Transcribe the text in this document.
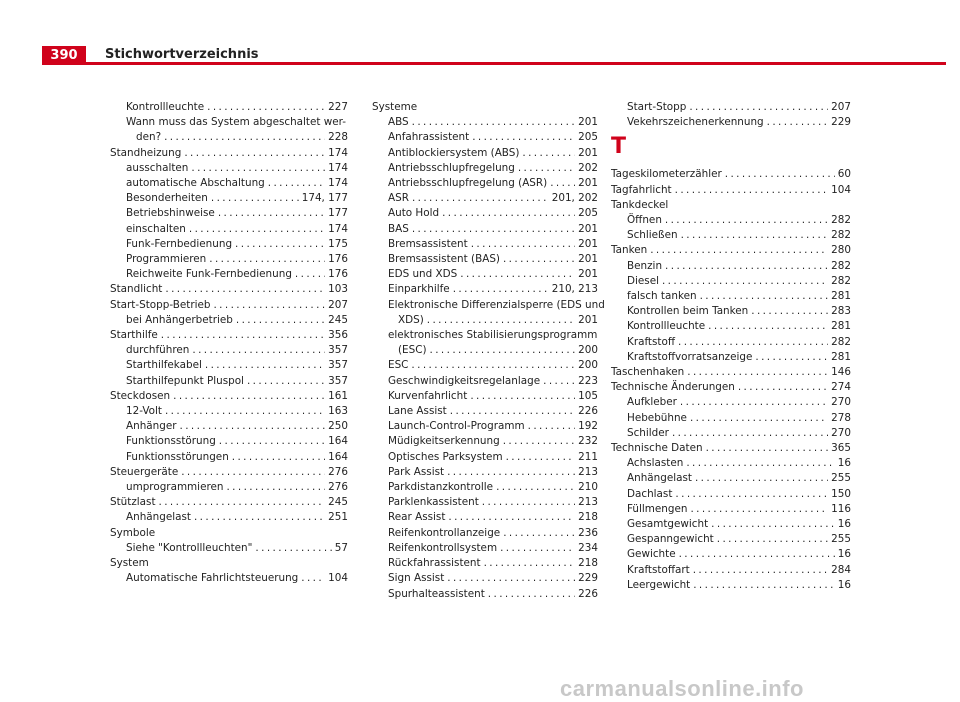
390	Stichwortverzeichnis
Kontrollleuchte .....	227
Wann muss das System abgeschaltet wer-
den? .....	228
Standheizung .....	174
ausschalten .....	174
automatische Abschaltung .....	174
Besonderheiten .....	174, 177
Betriebshinweise .....	177
einschalten .....	174
Funk-Fernbedienung .....	175
Programmieren .....	176
Reichweite Funk-Fernbedienung .....	176
Standlicht .....	103
Start-Stopp-Betrieb .....	207
bei Anhängerbetrieb .....	245
Starthilfe .....	356
durchführen .....	357
Starthilfekabel .....	357
Starthilfepunkt Pluspol .....	357
Steckdosen .....	161
12-Volt .....	163
Anhänger .....	250
Funktionsstörung .....	164
Funktionsstörungen .....	164
Steuergeräte .....	276
umprogrammieren .....	276
Stützlast .....	245
Anhängelast .....	251
Symbole
Siehe "Kontrollleuchten" .....	57
System
Automatische Fahrlichtsteuerung .....	104
Systeme
ABS .....	201
Anfahrassistent .....	205
Antiblockiersystem (ABS) .....	201
Antriebsschlupfregelung .....	202
Antriebsschlupfregelung (ASR) .....	201
ASR .....	201, 202
Auto Hold .....	205
BAS .....	201
Bremsassistent .....	201
Bremsassistent (BAS) .....	201
EDS und XDS .....	201
Einparkhilfe .....	210, 213
Elektronische Differenzialsperre (EDS und
XDS) .....	201
elektronisches Stabilisierungsprogramm
(ESC) .....	200
ESC .....	200
Geschwindigkeitsregelanlage .....	223
Kurvenfahrlicht .....	105
Lane Assist .....	226
Launch-Control-Programm .....	192
Müdigkeitserkennung .....	232
Optisches Parksystem .....	211
Park Assist .....	213
Parkdistanzkontrolle .....	210
Parklenkassistent .....	213
Rear Assist .....	218
Reifenkontrollanzeige .....	236
Reifenkontrollsystem .....	234
Rückfahrassistent .....	218
Sign Assist .....	229
Spurhalteassistent .....	226
Start-Stopp .....	207
Vekehrszeichenerkennung .....	229
T
Tageskilometerzähler .....	60
Tagfahrlicht .....	104
Tankdeckel
Öffnen .....	282
Schließen .....	282
Tanken .....	280
Benzin .....	282
Diesel .....	282
falsch tanken .....	281
Kontrollen beim Tanken .....	283
Kontrollleuchte .....	281
Kraftstoff .....	282
Kraftstoffvorratsanzeige .....	281
Taschenhaken .....	146
Technische Änderungen .....	274
Aufkleber .....	270
Hebebühne .....	278
Schilder .....	270
Technische Daten .....	365
Achslasten .....	16
Anhängelast .....	255
Dachlast .....	150
Füllmengen .....	116
Gesamtgewicht .....	16
Gespanngewicht .....	255
Gewichte .....	16
Kraftstoffart .....	284
Leergewicht .....	16
carmanualsonline.info
